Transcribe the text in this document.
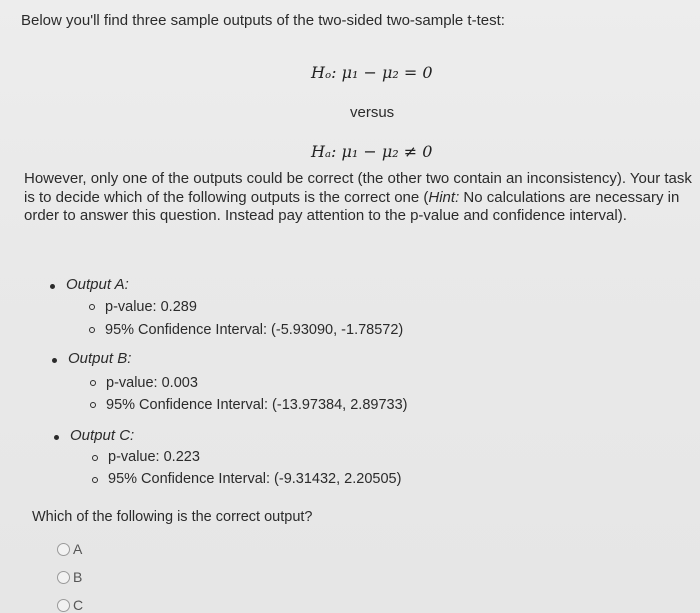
Below you'll find three sample outputs of the two-sided two-sample t-test:
Hₒ: μ₁ − μ₂ = 0
versus
Hₐ: μ₁ − μ₂ ≠ 0
However, only one of the outputs could be correct (the other two contain an inconsistency). Your task is to decide which of the following outputs is the correct one (Hint: No calculations are necessary in order to answer this question. Instead pay attention to the p-value and confidence interval).
Output A:
p-value: 0.289
95% Confidence Interval: (-5.93090, -1.78572)
Output B:
p-value: 0.003
95% Confidence Interval: (-13.97384, 2.89733)
Output C:
p-value: 0.223
95% Confidence Interval: (-9.31432, 2.20505)
Which of the following is the correct output?
A
B
C
